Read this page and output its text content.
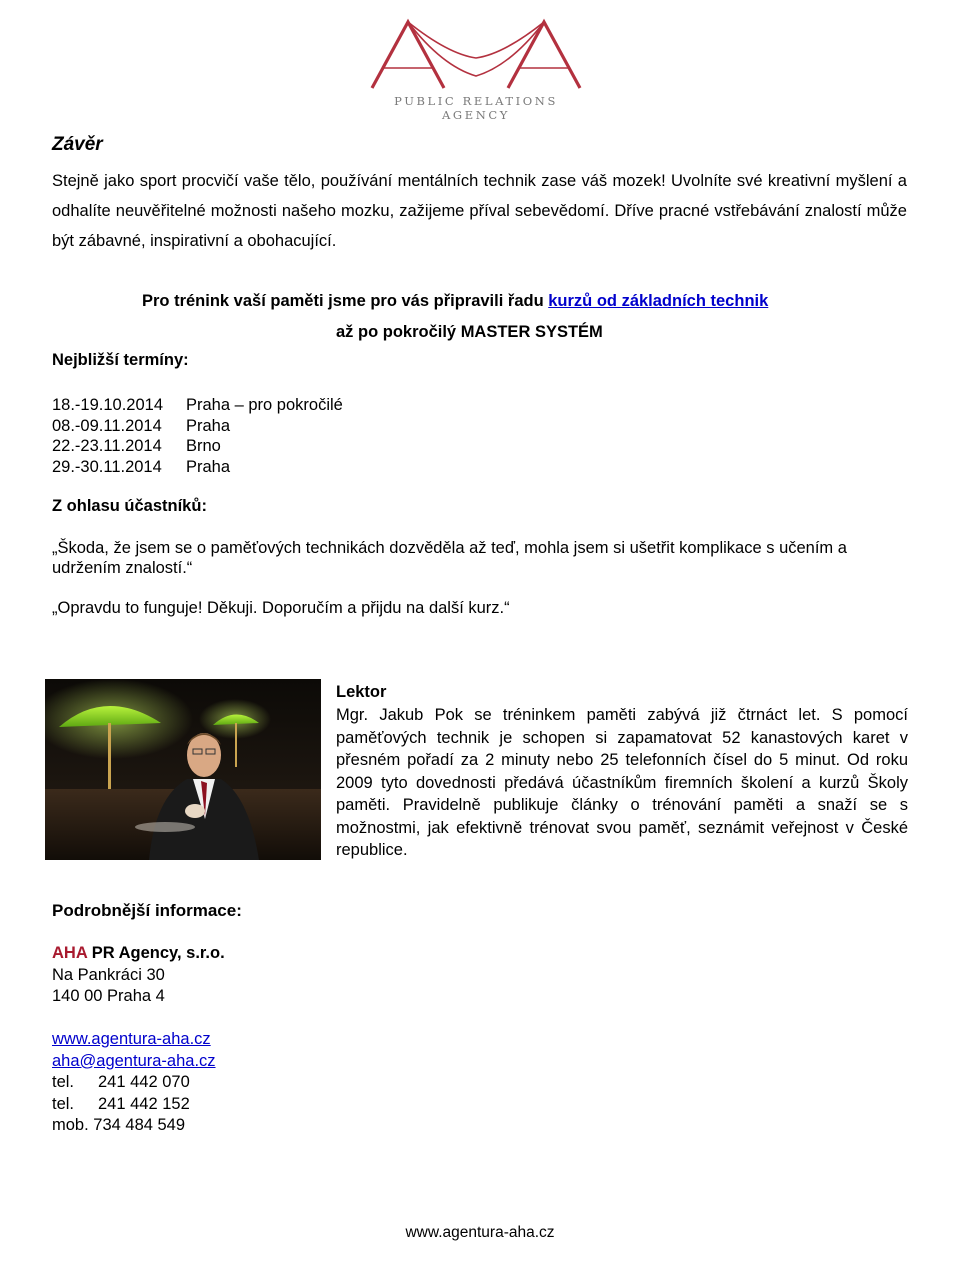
PUBLIC RELATIONS AGENCY
Závěr
Stejně jako sport procvičí vaše tělo, používání mentálních technik zase váš mozek! Uvolníte své kreativní myšlení a odhalíte neuvěřitelné možnosti našeho mozku, zažijeme příval sebevědomí. Dříve pracné vstřebávání znalostí může být zábavné, inspirativní a obohacující.
Pro trénink vaší paměti jsme pro vás připravili řadu kurzů od základních technik
až po pokročilý MASTER SYSTÉM
Nejbližší termíny:
18.-19.10.2014 Praha – pro pokročilé
08.-09.11.2014 Praha
22.-23.11.2014 Brno
29.-30.11.2014 Praha
Z ohlasu účastníků:
„Škoda, že jsem se o paměťových technikách dozvěděla až teď, mohla jsem si ušetřit komplikace s učením a udržením znalostí.“
„Opravdu to funguje! Děkuji. Doporučím a přijdu na další kurz.“
Lektor
Mgr. Jakub Pok se tréninkem paměti zabývá již čtrnáct let. S pomocí paměťových technik je schopen si zapamatovat 52 kanastových karet v přesném pořadí za 2 minuty nebo 25 telefonních čísel do 5 minut. Od roku 2009 tyto dovednosti předává účastníkům firemních školení a kurzů Školy paměti. Pravidelně publikuje články o trénování paměti a snaží se s možnostmi, jak efektivně trénovat svou paměť, seznámit veřejnost v České republice.
Podrobnější informace:
AHA PR Agency, s.r.o.
Na Pankráci 30
140 00 Praha 4
www.agentura-aha.cz
aha@agentura-aha.cz
tel. 241 442 070
tel. 241 442 152
mob. 734 484 549
www.agentura-aha.cz
